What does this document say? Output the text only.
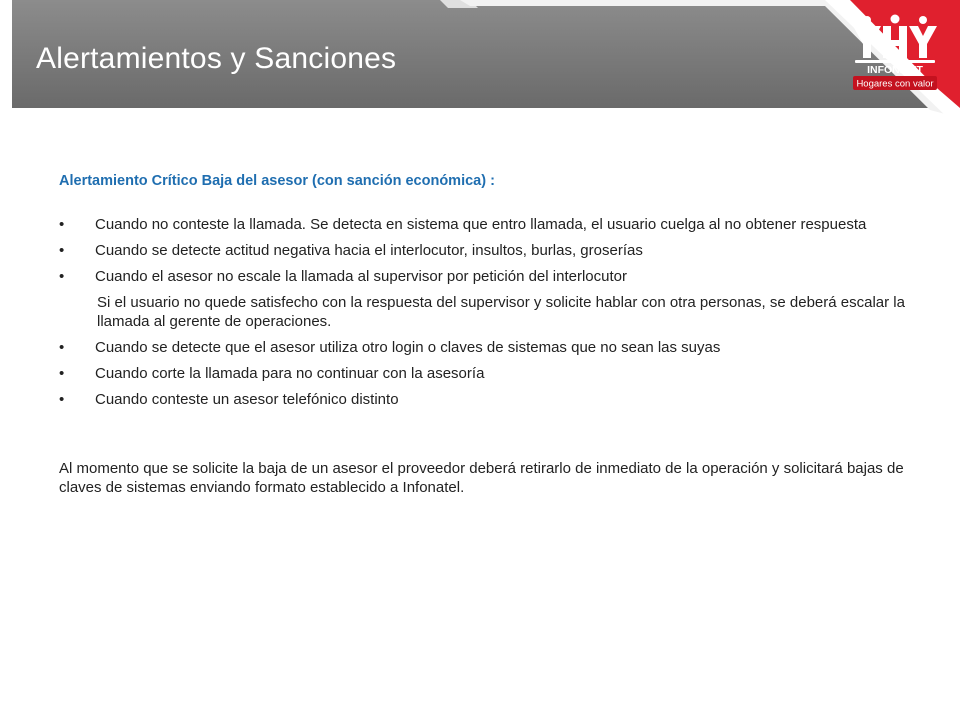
Alertamientos y Sanciones	INFONAVIT
Hogares con valor

Alertamiento Crítico Baja del asesor (con sanción económica) :

• Cuando no conteste la llamada. Se detecta en sistema que entro llamada, el usuario cuelga al no obtener respuesta
• Cuando se detecte actitud negativa hacia el interlocutor, insultos, burlas, groserías
• Cuando el asesor no escale la llamada al supervisor por petición del interlocutor
Si el usuario no quede satisfecho con la respuesta del supervisor y solicite hablar con otra personas, se deberá escalar la llamada al gerente de operaciones.
• Cuando se detecte que el asesor utiliza otro login o claves de sistemas que no sean las suyas
• Cuando corte la llamada para no continuar con la asesoría
• Cuando conteste un asesor telefónico distinto

Al momento que se solicite la baja de un asesor el proveedor deberá retirarlo de inmediato de la operación y solicitará bajas de claves de sistemas enviando formato establecido a Infonatel.
